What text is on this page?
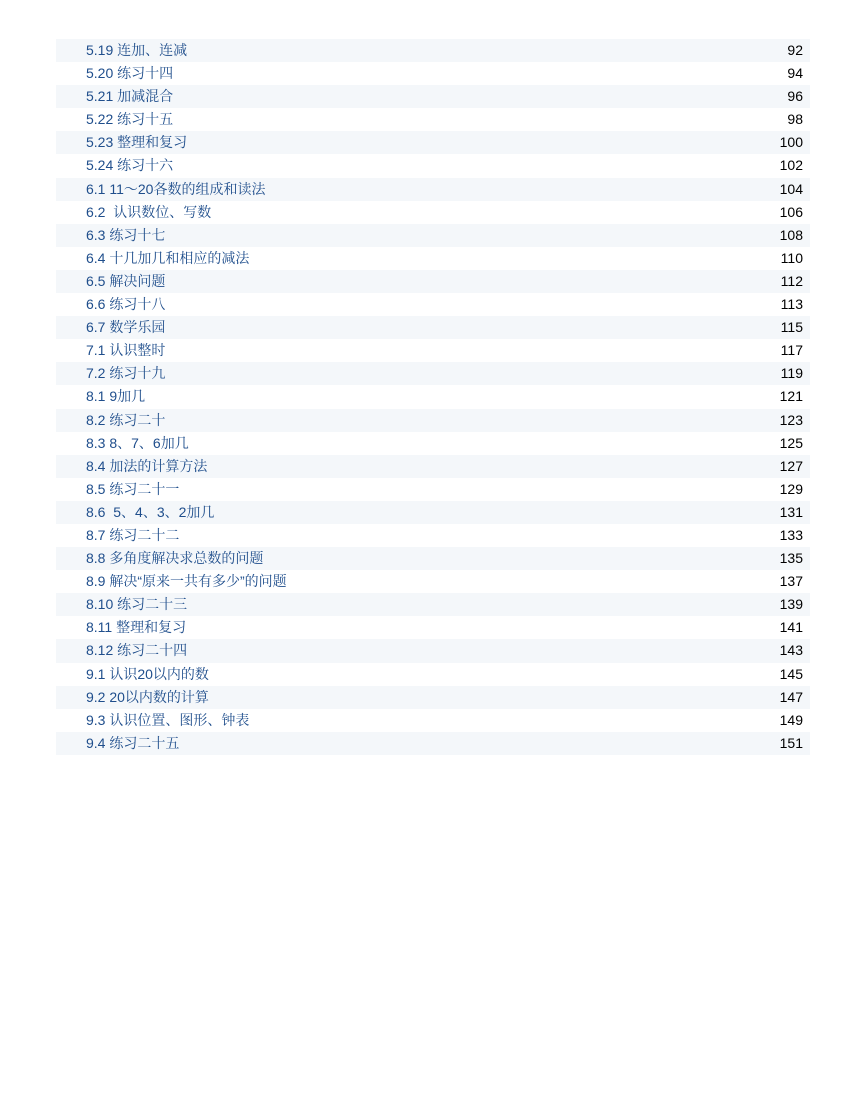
5.19 连加、连减	92
5.20 练习十四	94
5.21 加减混合	96
5.22 练习十五	98
5.23 整理和复习	100
5.24 练习十六	102
6.1 11～20各数的组成和读法	104
6.2  认识数位、写数	106
6.3 练习十七	108
6.4 十几加几和相应的减法	110
6.5 解决问题	112
6.6 练习十八	113
6.7 数学乐园	115
7.1 认识整时	117
7.2 练习十九	119
8.1 9加几	121
8.2 练习二十	123
8.3 8、7、6加几	125
8.4 加法的计算方法	127
8.5 练习二十一	129
8.6  5、4、3、2加几	131
8.7 练习二十二	133
8.8 多角度解决求总数的问题	135
8.9 解决“原来一共有多少”的问题	137
8.10 练习二十三	139
8.11 整理和复习	141
8.12 练习二十四	143
9.1 认识20以内的数	145
9.2 20以内数的计算	147
9.3 认识位置、图形、钟表	149
9.4 练习二十五	151
